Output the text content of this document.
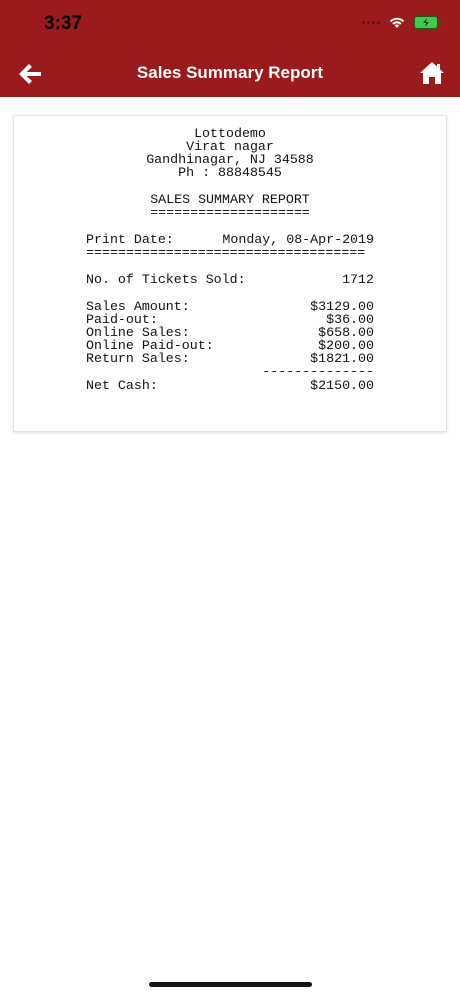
3:37
Sales Summary Report
Lottodemo
Virat nagar
Gandhinagar, NJ 34588
Ph : 88848545
SALES SUMMARY REPORT
====================
Print Date:	Monday, 08-Apr-2019
===================================
No. of Tickets Sold:	1712
Sales Amount:	$3129.00
Paid-out:	$36.00
Online Sales:	$658.00
Online Paid-out:	$200.00
Return Sales:	$1821.00
--------------
Net Cash:	$2150.00
